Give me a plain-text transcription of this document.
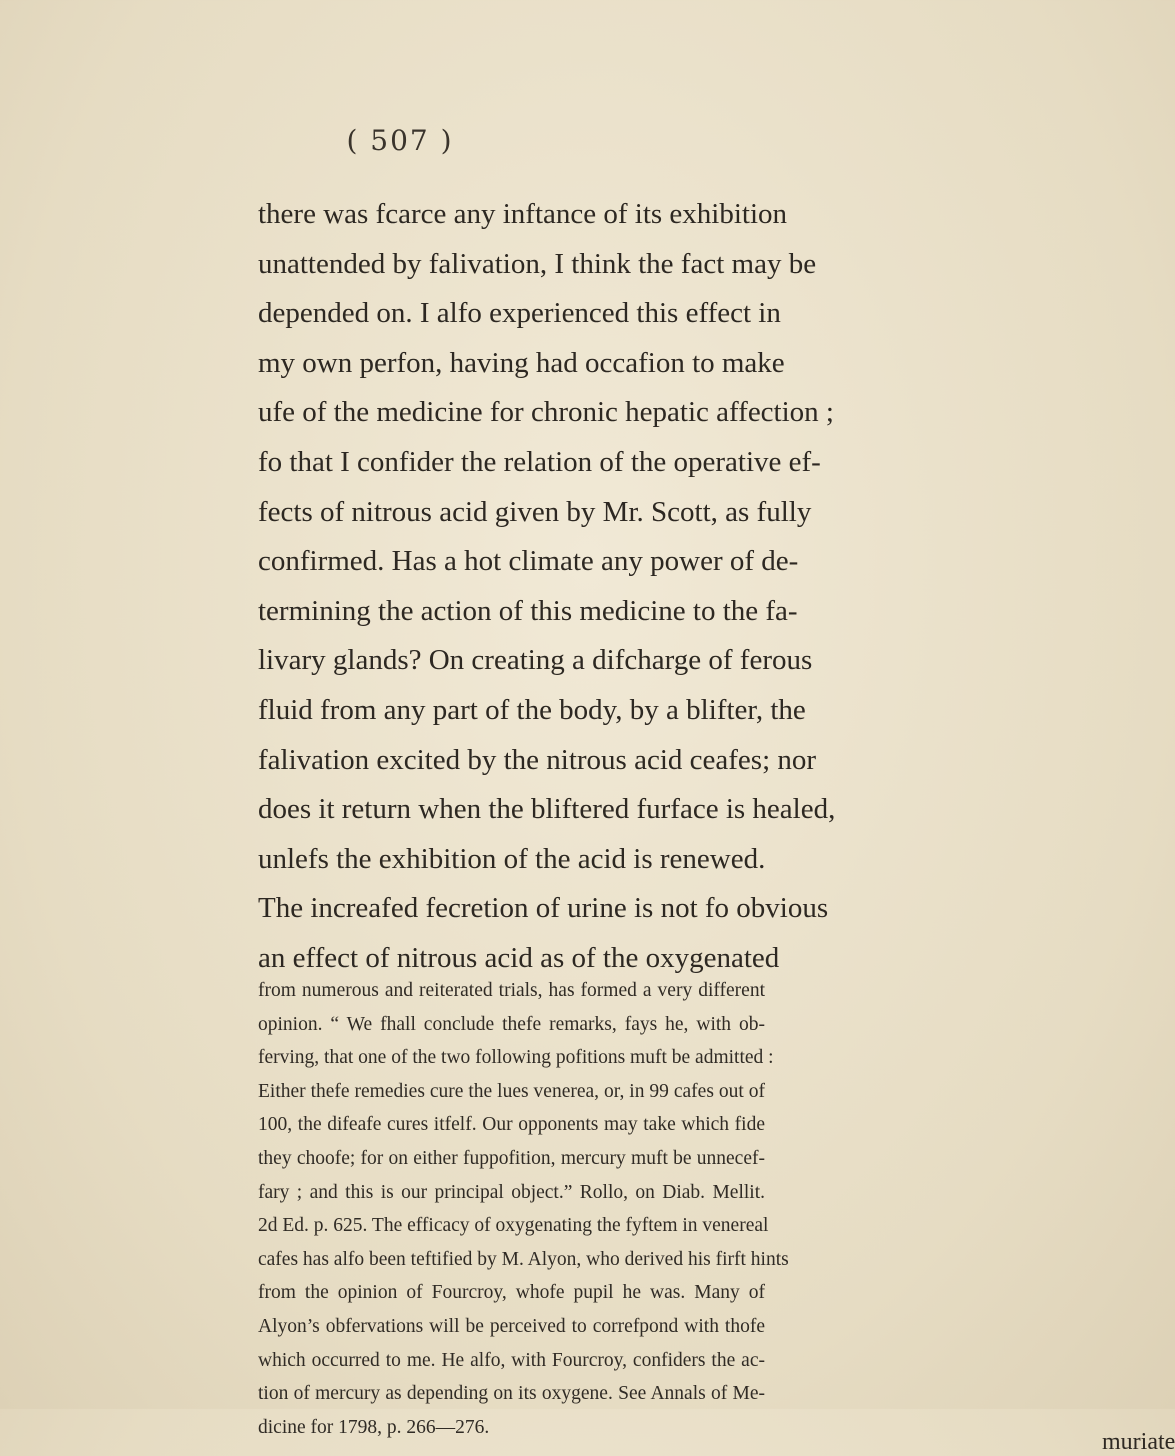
( 507 )
there was fcarce any inftance of its exhibition
unattended by falivation, I think the fact may be
depended on. I alfo experienced this effect in
my own perfon, having had occafion to make
ufe of the medicine for chronic hepatic affection ;
fo that I confider the relation of the operative ef-
fects of nitrous acid given by Mr. Scott, as fully
confirmed. Has a hot climate any power of de-
termining the action of this medicine to the fa-
livary glands? On creating a difcharge of ferous
fluid from any part of the body, by a blifter, the
falivation excited by the nitrous acid ceafes; nor
does it return when the bliftered furface is healed,
unlefs the exhibition of the acid is renewed.
The increafed fecretion of urine is not fo obvious
an effect of nitrous acid as of the oxygenated
from numerous and reiterated trials, has formed a very different
opinion. “ We fhall conclude thefe remarks, fays he, with ob-
ferving, that one of the two following pofitions muft be admitted :
Either thefe remedies cure the lues venerea, or, in 99 cafes out of
100, the difeafe cures itfelf. Our opponents may take which fide
they choofe; for on either fuppofition, mercury muft be unnecef-
fary ; and this is our principal object.” Rollo, on Diab. Mellit.
2d Ed. p. 625. The efficacy of oxygenating the fyftem in venereal
cafes has alfo been teftified by M. Alyon, who derived his firft hints
from the opinion of Fourcroy, whofe pupil he was. Many of
Alyon’s obfervations will be perceived to correfpond with thofe
which occurred to me. He alfo, with Fourcroy, confiders the ac-
tion of mercury as depending on its oxygene. See Annals of Me-
dicine for 1798, p. 266—276.
muriate
